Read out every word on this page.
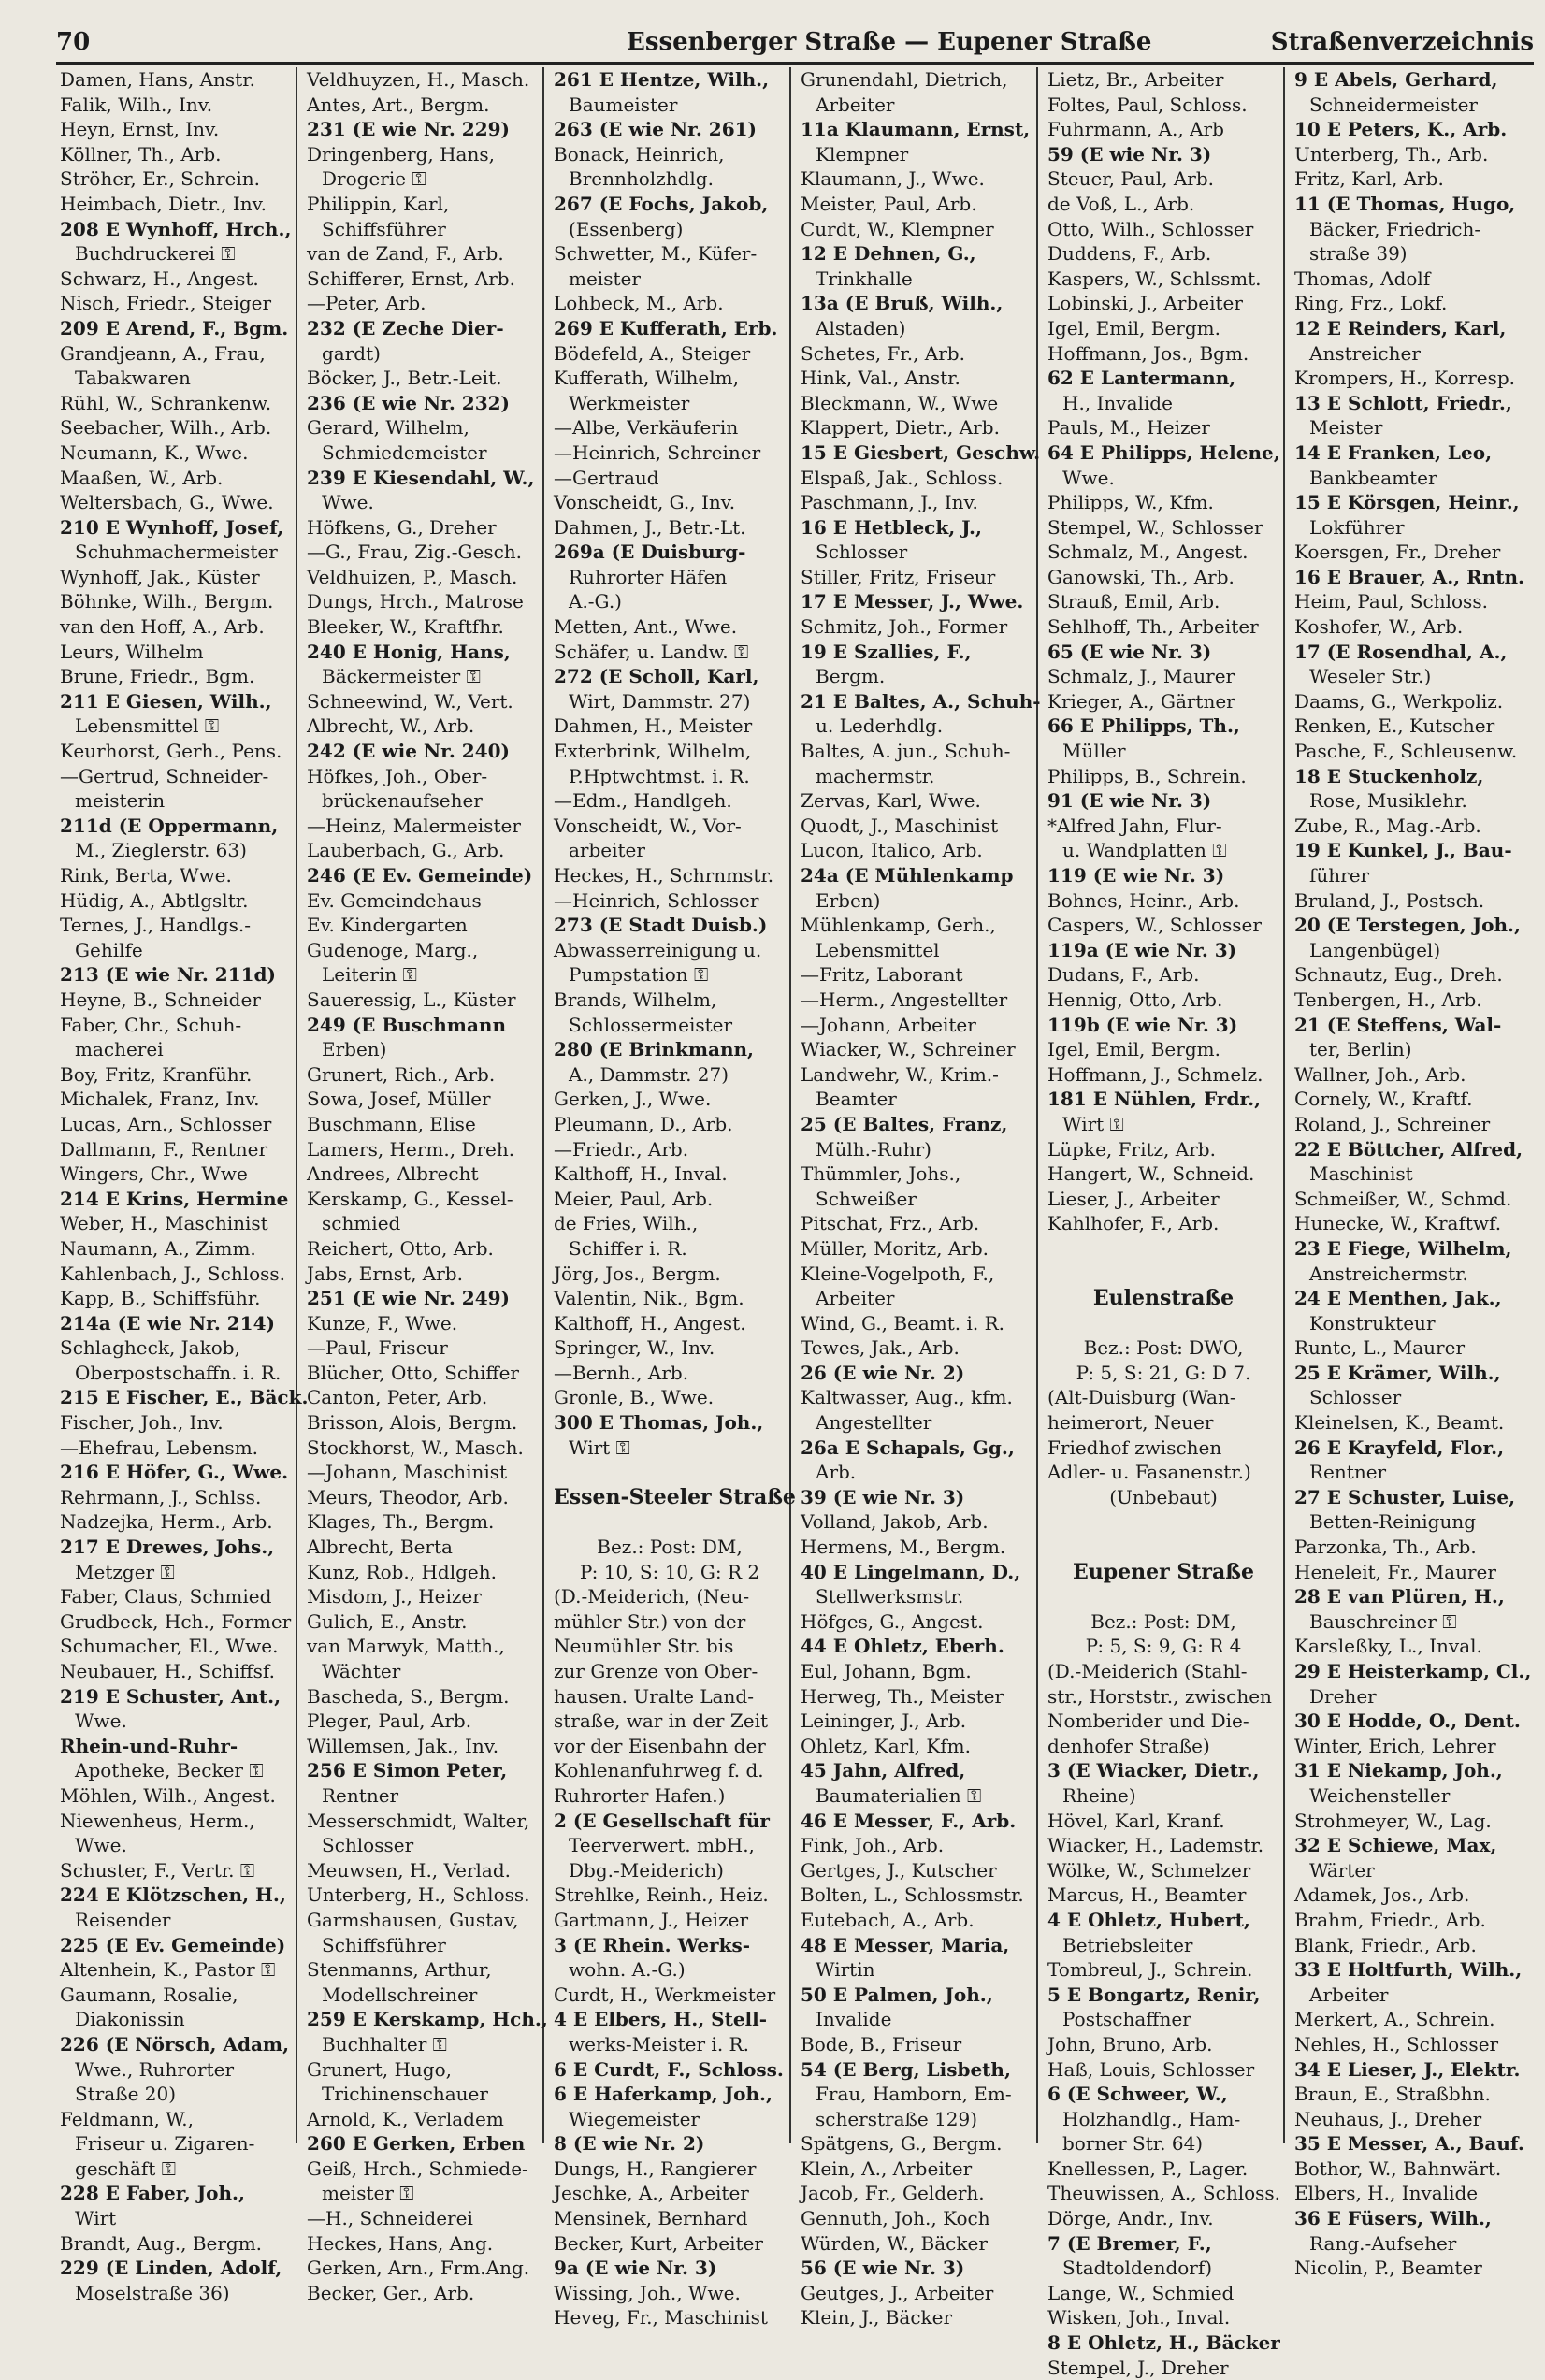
70	Essenberger Straße — Eupener Straße	Straßenverzeichnis
Damen, Hans, Anstr.
Falik, Wilh., Inv.
Heyn, Ernst, Inv.
Köllner, Th., Arb.
Ströher, Er., Schrein.
Heimbach, Dietr., Inv.
208 E Wynhoff, Hrch.,
Buchdruckerei ⚿
Schwarz, H., Angest.
Nisch, Friedr., Steiger
209 E Arend, F., Bgm.
Grandjeann, A., Frau,
Tabakwaren
Rühl, W., Schrankenw.
Seebacher, Wilh., Arb.
Neumann, K., Wwe.
Maaßen, W., Arb.
Weltersbach, G., Wwe.
210 E Wynhoff, Josef,
Schuhmachermeister
Wynhoff, Jak., Küster
Böhnke, Wilh., Bergm.
van den Hoff, A., Arb.
Leurs, Wilhelm
Brune, Friedr., Bgm.
211 E Giesen, Wilh.,
Lebensmittel ⚿
Keurhorst, Gerh., Pens.
—Gertrud, Schneider-
meisterin
211d (E Oppermann,
M., Zieglerstr. 63)
Rink, Berta, Wwe.
Hüdig, A., Abtlgsltr.
Ternes, J., Handlgs.-
Gehilfe
213 (E wie Nr. 211d)
Heyne, B., Schneider
Faber, Chr., Schuh-
macherei
Boy, Fritz, Kranführ.
Michalek, Franz, Inv.
Lucas, Arn., Schlosser
Dallmann, F., Rentner
Wingers, Chr., Wwe
214 E Krins, Hermine
Weber, H., Maschinist
Naumann, A., Zimm.
Kahlenbach, J., Schloss.
Kapp, B., Schiffsführ.
214a (E wie Nr. 214)
Schlagheck, Jakob,
Oberpostschaffn. i. R.
215 E Fischer, E., Bäck.
Fischer, Joh., Inv.
—Ehefrau, Lebensm.
216 E Höfer, G., Wwe.
Rehrmann, J., Schlss.
Nadzejka, Herm., Arb.
217 E Drewes, Johs.,
Metzger ⚿
Faber, Claus, Schmied
Grudbeck, Hch., Former
Schumacher, El., Wwe.
Neubauer, H., Schiffsf.
219 E Schuster, Ant.,
Wwe.
Rhein-und-Ruhr-
Apotheke, Becker ⚿
Möhlen, Wilh., Angest.
Niewenheus, Herm.,
Wwe.
Schuster, F., Vertr. ⚿
224 E Klötzschen, H.,
Reisender
225 (E Ev. Gemeinde)
Altenhein, K., Pastor ⚿
Gaumann, Rosalie,
Diakonissin
226 (E Nörsch, Adam,
Wwe., Ruhrorter
Straße 20)
Feldmann, W.,
Friseur u. Zigaren-
geschäft ⚿
228 E Faber, Joh.,
Wirt
Brandt, Aug., Bergm.
229 (E Linden, Adolf,
Moselstraße 36)
Veldhuyzen, H., Masch.
Antes, Art., Bergm.
231 (E wie Nr. 229)
Dringenberg, Hans,
Drogerie ⚿
Philippin, Karl,
Schiffsführer
van de Zand, F., Arb.
Schifferer, Ernst, Arb.
—Peter, Arb.
232 (E Zeche Dier-
gardt)
Böcker, J., Betr.-Leit.
236 (E wie Nr. 232)
Gerard, Wilhelm,
Schmiedemeister
239 E Kiesendahl, W.,
Wwe.
Höfkens, G., Dreher
—G., Frau, Zig.-Gesch.
Veldhuizen, P., Masch.
Dungs, Hrch., Matrose
Bleeker, W., Kraftfhr.
240 E Honig, Hans,
Bäckermeister ⚿
Schneewind, W., Vert.
Albrecht, W., Arb.
242 (E wie Nr. 240)
Höfkes, Joh., Ober-
brückenaufseher
—Heinz, Malermeister
Lauberbach, G., Arb.
246 (E Ev. Gemeinde)
Ev. Gemeindehaus
Ev. Kindergarten
Gudenoge, Marg.,
Leiterin ⚿
Saueressig, L., Küster
249 (E Buschmann
Erben)
Grunert, Rich., Arb.
Sowa, Josef, Müller
Buschmann, Elise
Lamers, Herm., Dreh.
Andrees, Albrecht
Kerskamp, G., Kessel-
schmied
Reichert, Otto, Arb.
Jabs, Ernst, Arb.
251 (E wie Nr. 249)
Kunze, F., Wwe.
—Paul, Friseur
Blücher, Otto, Schiffer
Canton, Peter, Arb.
Brisson, Alois, Bergm.
Stockhorst, W., Masch.
—Johann, Maschinist
Meurs, Theodor, Arb.
Klages, Th., Bergm.
Albrecht, Berta
Kunz, Rob., Hdlgeh.
Misdom, J., Heizer
Gulich, E., Anstr.
van Marwyk, Matth.,
Wächter
Bascheda, S., Bergm.
Pleger, Paul, Arb.
Willemsen, Jak., Inv.
256 E Simon Peter,
Rentner
Messerschmidt, Walter,
Schlosser
Meuwsen, H., Verlad.
Unterberg, H., Schloss.
Garmshausen, Gustav,
Schiffsführer
Stenmanns, Arthur,
Modellschreiner
259 E Kerskamp, Hch.,
Buchhalter ⚿
Grunert, Hugo,
Trichinenschauer
Arnold, K., Verladem
260 E Gerken, Erben
Geiß, Hrch., Schmiede-
meister ⚿
—H., Schneiderei
Heckes, Hans, Ang.
Gerken, Arn., Frm.Ang.
Becker, Ger., Arb.
261 E Hentze, Wilh.,
Baumeister
263 (E wie Nr. 261)
Bonack, Heinrich,
Brennholzhdlg.
267 (E Fochs, Jakob,
(Essenberg)
Schwetter, M., Küfer-
meister
Lohbeck, M., Arb.
269 E Kufferath, Erb.
Bödefeld, A., Steiger
Kufferath, Wilhelm,
Werkmeister
—Albe, Verkäuferin
—Heinrich, Schreiner
—Gertraud
Vonscheidt, G., Inv.
Dahmen, J., Betr.-Lt.
269a (E Duisburg-
Ruhrorter Häfen
A.-G.)
Metten, Ant., Wwe.
Schäfer, u. Landw. ⚿
272 (E Scholl, Karl,
Wirt, Dammstr. 27)
Dahmen, H., Meister
Exterbrink, Wilhelm,
P.Hptwchtmst. i. R.
—Edm., Handlgeh.
Vonscheidt, W., Vor-
arbeiter
Heckes, H., Schrnmstr.
—Heinrich, Schlosser
273 (E Stadt Duisb.)
Abwasserreinigung u.
Pumpstation ⚿
Brands, Wilhelm,
Schlossermeister
280 (E Brinkmann,
A., Dammstr. 27)
Gerken, J., Wwe.
Pleumann, D., Arb.
—Friedr., Arb.
Kalthoff, H., Inval.
Meier, Paul, Arb.
de Fries, Wilh.,
Schiffer i. R.
Jörg, Jos., Bergm.
Valentin, Nik., Bgm.
Kalthoff, H., Angest.
Springer, W., Inv.
—Bernh., Arb.
Gronle, B., Wwe.
300 E Thomas, Joh.,
Wirt ⚿
Essen-Steeler Straße
Bez.: Post: DM,
P: 10, S: 10, G: R 2
(D.-Meiderich, (Neu-
mühler Str.) von der
Neumühler Str. bis
zur Grenze von Ober-
hausen. Uralte Land-
straße, war in der Zeit
vor der Eisenbahn der
Kohlenanfuhrweg f. d.
Ruhrorter Hafen.)
2 (E Gesellschaft für
Teerverwert. mbH.,
Dbg.-Meiderich)
Strehlke, Reinh., Heiz.
Gartmann, J., Heizer
3 (E Rhein. Werks-
wohn. A.-G.)
Curdt, H., Werkmeister
4 E Elbers, H., Stell-
werks-Meister i. R.
6 E Curdt, F., Schloss.
6 E Haferkamp, Joh.,
Wiegemeister
8 (E wie Nr. 2)
Dungs, H., Rangierer
Jeschke, A., Arbeiter
Mensinek, Bernhard
Becker, Kurt, Arbeiter
9a (E wie Nr. 3)
Wissing, Joh., Wwe.
Heveg, Fr., Maschinist
Grunendahl, Dietrich,
Arbeiter
11a Klaumann, Ernst,
Klempner
Klaumann, J., Wwe.
Meister, Paul, Arb.
Curdt, W., Klempner
12 E Dehnen, G.,
Trinkhalle
13a (E Bruß, Wilh.,
Alstaden)
Schetes, Fr., Arb.
Hink, Val., Anstr.
Bleckmann, W., Wwe
Klappert, Dietr., Arb.
15 E Giesbert, Geschw.
Elspaß, Jak., Schloss.
Paschmann, J., Inv.
16 E Hetbleck, J.,
Schlosser
Stiller, Fritz, Friseur
17 E Messer, J., Wwe.
Schmitz, Joh., Former
19 E Szallies, F.,
Bergm.
21 E Baltes, A., Schuh-
u. Lederhdlg.
Baltes, A. jun., Schuh-
machermstr.
Zervas, Karl, Wwe.
Quodt, J., Maschinist
Lucon, Italico, Arb.
24a (E Mühlenkamp
Erben)
Mühlenkamp, Gerh.,
Lebensmittel
—Fritz, Laborant
—Herm., Angestellter
—Johann, Arbeiter
Wiacker, W., Schreiner
Landwehr, W., Krim.-
Beamter
25 (E Baltes, Franz,
Mülh.-Ruhr)
Thümmler, Johs.,
Schweißer
Pitschat, Frz., Arb.
Müller, Moritz, Arb.
Kleine-Vogelpoth, F.,
Arbeiter
Wind, G., Beamt. i. R.
Tewes, Jak., Arb.
26 (E wie Nr. 2)
Kaltwasser, Aug., kfm.
Angestellter
26a E Schapals, Gg.,
Arb.
39 (E wie Nr. 3)
Volland, Jakob, Arb.
Hermens, M., Bergm.
40 E Lingelmann, D.,
Stellwerksmstr.
Höfges, G., Angest.
44 E Ohletz, Eberh.
Eul, Johann, Bgm.
Herweg, Th., Meister
Leininger, J., Arb.
Ohletz, Karl, Kfm.
45 Jahn, Alfred,
Baumaterialien ⚿
46 E Messer, F., Arb.
Fink, Joh., Arb.
Gertges, J., Kutscher
Bolten, L., Schlossmstr.
Eutebach, A., Arb.
48 E Messer, Maria,
Wirtin
50 E Palmen, Joh.,
Invalide
Bode, B., Friseur
54 (E Berg, Lisbeth,
Frau, Hamborn, Em-
scherstraße 129)
Spätgens, G., Bergm.
Klein, A., Arbeiter
Jacob, Fr., Gelderh.
Gennuth, Joh., Koch
Würden, W., Bäcker
56 (E wie Nr. 3)
Geutges, J., Arbeiter
Klein, J., Bäcker
Lietz, Br., Arbeiter
Foltes, Paul, Schloss.
Fuhrmann, A., Arb
59 (E wie Nr. 3)
Steuer, Paul, Arb.
de Voß, L., Arb.
Otto, Wilh., Schlosser
Duddens, F., Arb.
Kaspers, W., Schlssmt.
Lobinski, J., Arbeiter
Igel, Emil, Bergm.
Hoffmann, Jos., Bgm.
62 E Lantermann,
H., Invalide
Pauls, M., Heizer
64 E Philipps, Helene,
Wwe.
Philipps, W., Kfm.
Stempel, W., Schlosser
Schmalz, M., Angest.
Ganowski, Th., Arb.
Strauß, Emil, Arb.
Sehlhoff, Th., Arbeiter
65 (E wie Nr. 3)
Schmalz, J., Maurer
Krieger, A., Gärtner
66 E Philipps, Th.,
Müller
Philipps, B., Schrein.
91 (E wie Nr. 3)
*Alfred Jahn, Flur-
u. Wandplatten ⚿
119 (E wie Nr. 3)
Bohnes, Heinr., Arb.
Caspers, W., Schlosser
119a (E wie Nr. 3)
Dudans, F., Arb.
Hennig, Otto, Arb.
119b (E wie Nr. 3)
Igel, Emil, Bergm.
Hoffmann, J., Schmelz.
181 E Nühlen, Frdr.,
Wirt ⚿
Lüpke, Fritz, Arb.
Hangert, W., Schneid.
Lieser, J., Arbeiter
Kahlhofer, F., Arb.
Eulenstraße
Bez.: Post: DWO,
P: 5, S: 21, G: D 7.
(Alt-Duisburg (Wan-
heimerort, Neuer
Friedhof zwischen
Adler- u. Fasanenstr.)
(Unbebaut)
Eupener Straße
Bez.: Post: DM,
P: 5, S: 9, G: R 4
(D.-Meiderich (Stahl-
str., Horststr., zwischen
Nomberider und Die-
denhofer Straße)
3 (E Wiacker, Dietr.,
Rheine)
Hövel, Karl, Kranf.
Wiacker, H., Lademstr.
Wölke, W., Schmelzer
Marcus, H., Beamter
4 E Ohletz, Hubert,
Betriebsleiter
Tombreul, J., Schrein.
5 E Bongartz, Renir,
Postschaffner
John, Bruno, Arb.
Haß, Louis, Schlosser
6 (E Schweer, W.,
Holzhandlg., Ham-
borner Str. 64)
Knellessen, P., Lager.
Theuwissen, A., Schloss.
Dörge, Andr., Inv.
7 (E Bremer, F.,
Stadtoldendorf)
Lange, W., Schmied
Wisken, Joh., Inval.
8 E Ohletz, H., Bäcker
Stempel, J., Dreher
9 E Abels, Gerhard,
Schneidermeister
10 E Peters, K., Arb.
Unterberg, Th., Arb.
Fritz, Karl, Arb.
11 (E Thomas, Hugo,
Bäcker, Friedrich-
straße 39)
Thomas, Adolf
Ring, Frz., Lokf.
12 E Reinders, Karl,
Anstreicher
Krompers, H., Korresp.
13 E Schlott, Friedr.,
Meister
14 E Franken, Leo,
Bankbeamter
15 E Körsgen, Heinr.,
Lokführer
Koersgen, Fr., Dreher
16 E Brauer, A., Rntn.
Heim, Paul, Schloss.
Koshofer, W., Arb.
17 (E Rosendhal, A.,
Weseler Str.)
Daams, G., Werkpoliz.
Renken, E., Kutscher
Pasche, F., Schleusenw.
18 E Stuckenholz,
Rose, Musiklehr.
Zube, R., Mag.-Arb.
19 E Kunkel, J., Bau-
führer
Bruland, J., Postsch.
20 (E Terstegen, Joh.,
Langenbügel)
Schnautz, Eug., Dreh.
Tenbergen, H., Arb.
21 (E Steffens, Wal-
ter, Berlin)
Wallner, Joh., Arb.
Cornely, W., Kraftf.
Roland, J., Schreiner
22 E Böttcher, Alfred,
Maschinist
Schmeißer, W., Schmd.
Hunecke, W., Kraftwf.
23 E Fiege, Wilhelm,
Anstreichermstr.
24 E Menthen, Jak.,
Konstrukteur
Runte, L., Maurer
25 E Krämer, Wilh.,
Schlosser
Kleinelsen, K., Beamt.
26 E Krayfeld, Flor.,
Rentner
27 E Schuster, Luise,
Betten-Reinigung
Parzonka, Th., Arb.
Heneleit, Fr., Maurer
28 E van Plüren, H.,
Bauschreiner ⚿
Karsleßky, L., Inval.
29 E Heisterkamp, Cl.,
Dreher
30 E Hodde, O., Dent.
Winter, Erich, Lehrer
31 E Niekamp, Joh.,
Weichensteller
Strohmeyer, W., Lag.
32 E Schiewe, Max,
Wärter
Adamek, Jos., Arb.
Brahm, Friedr., Arb.
Blank, Friedr., Arb.
33 E Holtfurth, Wilh.,
Arbeiter
Merkert, A., Schrein.
Nehles, H., Schlosser
34 E Lieser, J., Elektr.
Braun, E., Straßbhn.
Neuhaus, J., Dreher
35 E Messer, A., Bauf.
Bothor, W., Bahnwärt.
Elbers, H., Invalide
36 E Füsers, Wilh.,
Rang.-Aufseher
Nicolin, P., Beamter
